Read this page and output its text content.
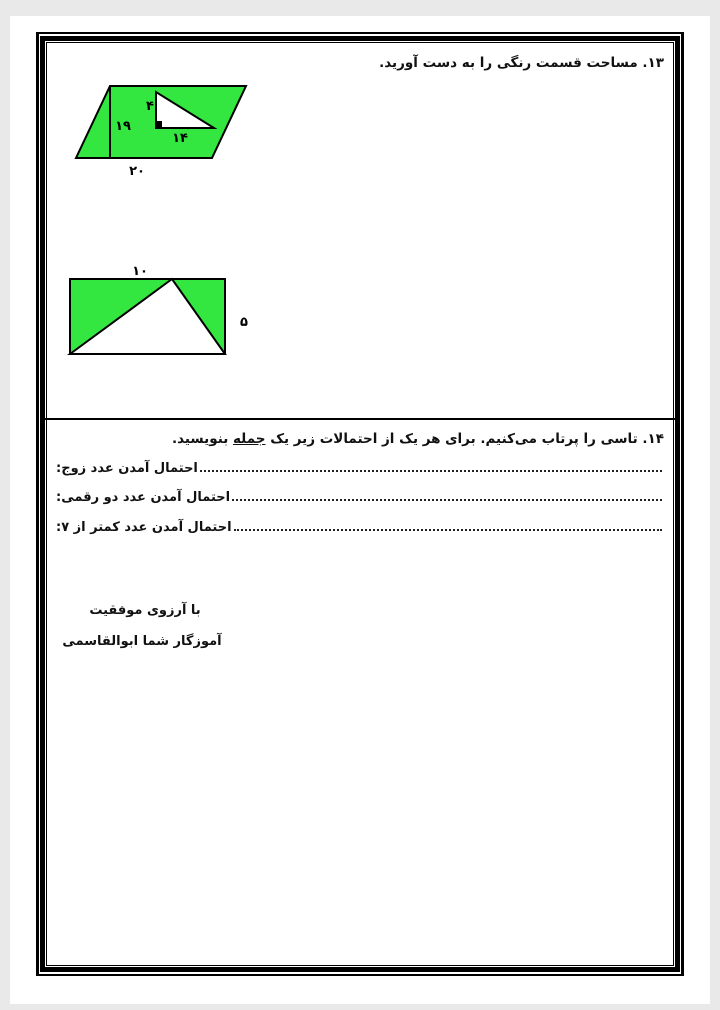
۱۳. مساحت قسمت رنگی را به دست آورید.
۱۹
۴
۱۴
۲۰
۱۰
۵
۱۴. تاسی را پرتاب می‌کنیم. برای هر یک از احتمالات زیر یک جمله بنویسید.
احتمال آمدن عدد زوج:
احتمال آمدن عدد دو رقمی:
احتمال آمدن عدد کمتر از ۷:
با آرزوی موفقیت
آموزگار شما ابوالقاسمی
